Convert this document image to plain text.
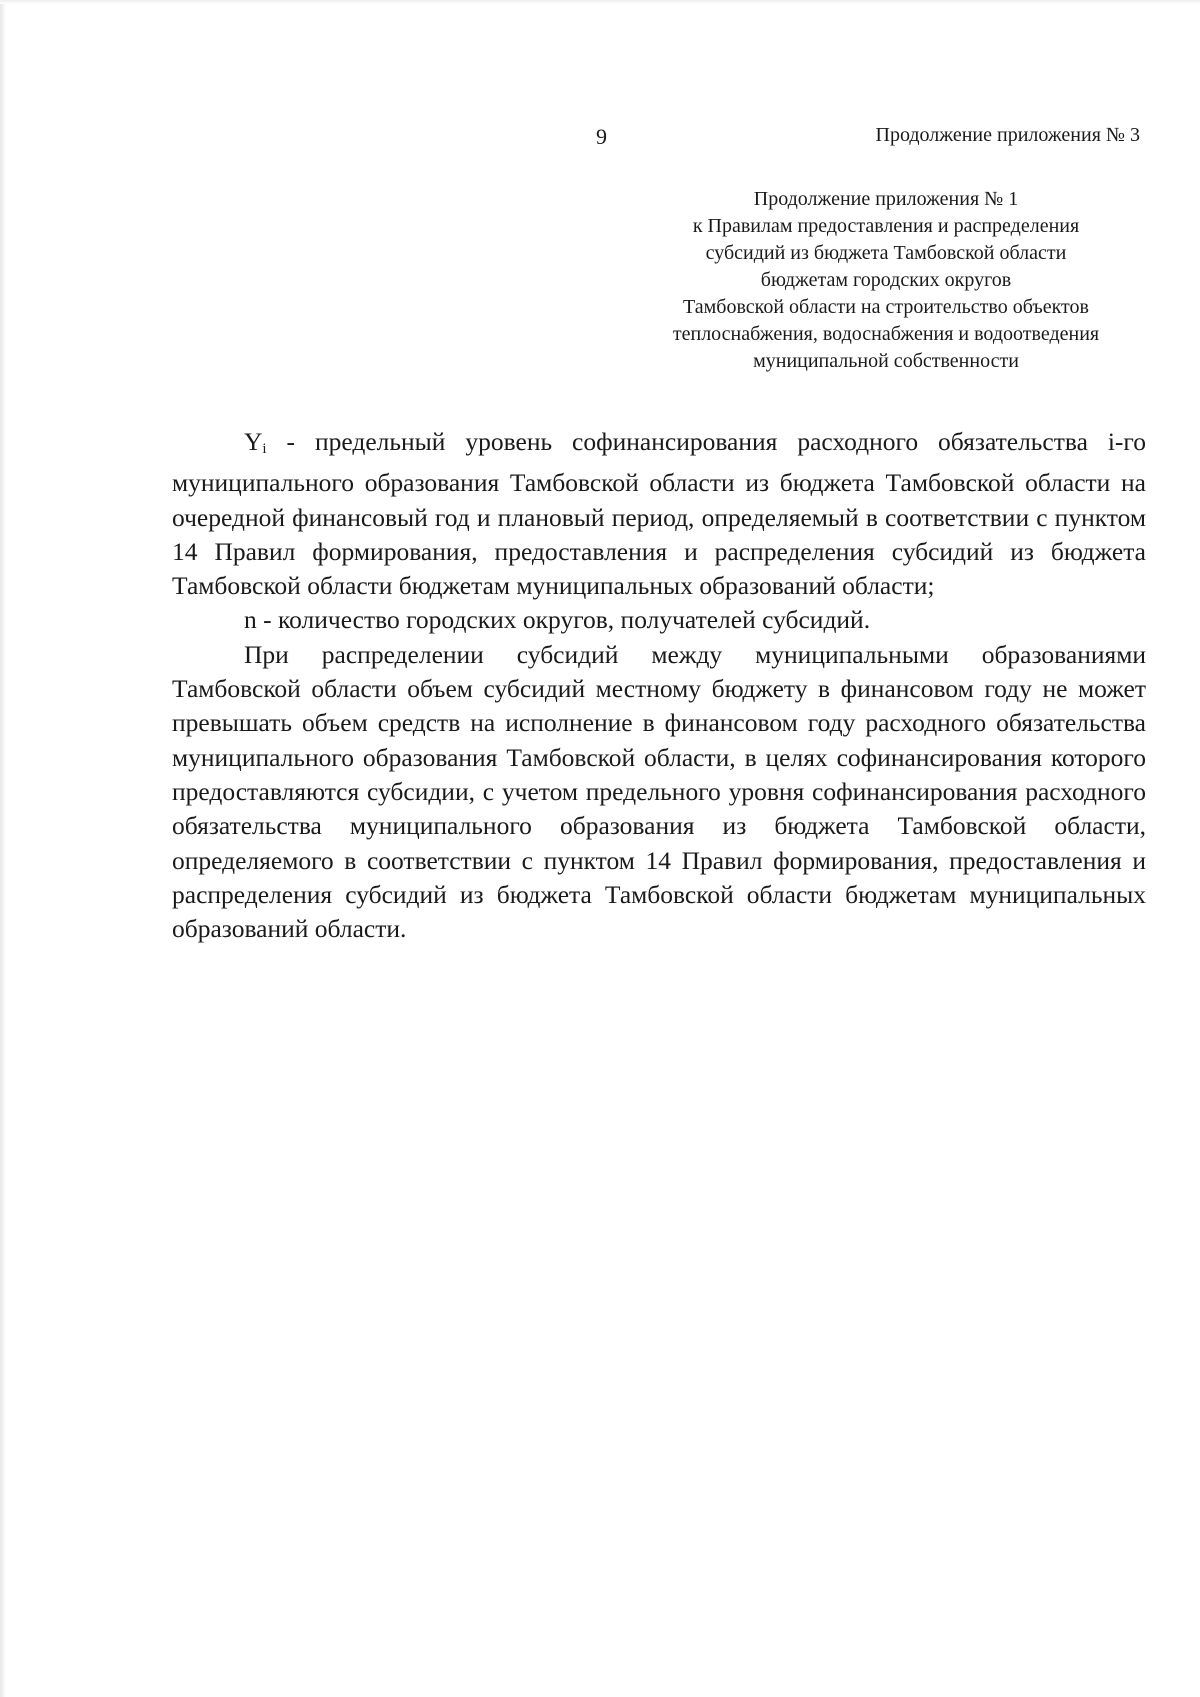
9	Продолжение приложения № 3
Продолжение приложения № 1
к Правилам предоставления и распределения
субсидий из бюджета Тамбовской области
бюджетам городских округов
Тамбовской области на строительство объектов
теплоснабжения, водоснабжения и водоотведения
муниципальной собственности

$Y_i$ - предельный уровень софинансирования расходного обязательства i-го муниципального образования Тамбовской области из бюджета Тамбовской области на очередной финансовый год и плановый период, определяемый в соответствии с пунктом 14 Правил формирования, предоставления и распределения субсидий из бюджета Тамбовской области бюджетам муниципальных образований области;

n - количество городских округов, получателей субсидий.

При распределении субсидий между муниципальными образованиями Тамбовской области объем субсидий местному бюджету в финансовом году не может превышать объем средств на исполнение в финансовом году расходного обязательства муниципального образования Тамбовской области, в целях софинансирования которого предоставляются субсидии, с учетом предельного уровня софинансирования расходного обязательства муниципального образования из бюджета Тамбовской области, определяемого в соответствии с пунктом 14 Правил формирования, предоставления и распределения субсидий из бюджета Тамбовской области бюджетам муниципальных образований области.
